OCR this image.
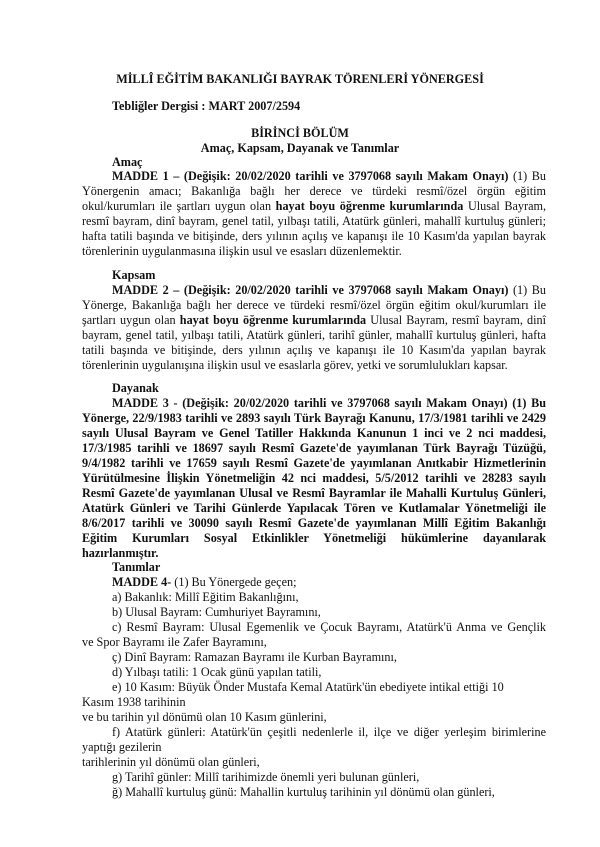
MİLLÎ EĞİTİM BAKANLIĞI BAYRAK TÖRENLERİ YÖNERGESİ
Tebliğler Dergisi : MART 2007/2594
BİRİNCİ BÖLÜM
Amaç, Kapsam, Dayanak ve Tanımlar
Amaç
MADDE 1 – (Değişik: 20/02/2020 tarihli ve 3797068 sayılı Makam Onayı) (1) Bu
Yönergenin amacı; Bakanlığa bağlı her derece ve türdeki resmî/özel örgün eğitim
okul/kurumları ile şartları uygun olan hayat boyu öğrenme kurumlarında Ulusal Bayram,
resmî bayram, dinî bayram, genel tatil, yılbaşı tatili, Atatürk günleri, mahallî kurtuluş günleri;
hafta tatili başında ve bitişinde, ders yılının açılış ve kapanışı ile 10 Kasım'da yapılan bayrak
törenlerinin uygulanmasına ilişkin usul ve esasları düzenlemektir.
Kapsam
MADDE 2 – (Değişik: 20/02/2020 tarihli ve 3797068 sayılı Makam Onayı) (1) Bu
Yönerge, Bakanlığa bağlı her derece ve türdeki resmî/özel örgün eğitim okul/kurumları ile
şartları uygun olan hayat boyu öğrenme kurumlarında Ulusal Bayram, resmî bayram, dinî
bayram, genel tatil, yılbaşı tatili, Atatürk günleri, tarihî günler, mahallî kurtuluş günleri, hafta
tatili başında ve bitişinde, ders yılının açılış ve kapanışı ile 10 Kasım'da yapılan bayrak
törenlerinin uygulanışına ilişkin usul ve esaslarla görev, yetki ve sorumlulukları kapsar.
Dayanak
MADDE 3 - (Değişik: 20/02/2020 tarihli ve 3797068 sayılı Makam Onayı) (1) Bu
Yönerge, 22/9/1983 tarihli ve 2893 sayılı Türk Bayrağı Kanunu, 17/3/1981 tarihli ve 2429
sayılı Ulusal Bayram ve Genel Tatiller Hakkında Kanunun 1 inci ve 2 nci maddesi,
17/3/1985 tarihli ve 18697 sayılı Resmî Gazete'de yayımlanan Türk Bayrağı Tüzüğü,
9/4/1982 tarihli ve 17659 sayılı Resmî Gazete'de yayımlanan Anıtkabir Hizmetlerinin
Yürütülmesine İlişkin Yönetmeliğin 42 nci maddesi, 5/5/2012 tarihli ve 28283 sayılı
Resmî Gazete'de yayımlanan Ulusal ve Resmî Bayramlar ile Mahalli Kurtuluş Günleri,
Atatürk Günleri ve Tarihi Günlerde Yapılacak Tören ve Kutlamalar Yönetmeliği ile
8/6/2017 tarihli ve 30090 sayılı Resmî Gazete'de yayımlanan Millî Eğitim Bakanlığı
Eğitim Kurumları Sosyal Etkinlikler Yönetmeliği hükümlerine dayanılarak
hazırlanmıştır.
Tanımlar
MADDE 4- (1) Bu Yönergede geçen;
a) Bakanlık: Millî Eğitim Bakanlığını,
b) Ulusal Bayram: Cumhuriyet Bayramını,
c) Resmî Bayram: Ulusal Egemenlik ve Çocuk Bayramı, Atatürk'ü Anma ve Gençlik
ve Spor Bayramı ile Zafer Bayramını,
ç) Dinî Bayram: Ramazan Bayramı ile Kurban Bayramını,
d) Yılbaşı tatili: 1 Ocak günü yapılan tatili,
e) 10 Kasım: Büyük Önder Mustafa Kemal Atatürk'ün ebediyete intikal ettiği 10
Kasım 1938 tarihinin
ve bu tarihin yıl dönümü olan 10 Kasım günlerini,
f) Atatürk günleri: Atatürk'ün çeşitli nedenlerle il, ilçe ve diğer yerleşim birimlerine
yaptığı gezilerin
tarihlerinin yıl dönümü olan günleri,
g) Tarihî günler: Millî tarihimizde önemli yeri bulunan günleri,
ğ) Mahallî kurtuluş günü: Mahallin kurtuluş tarihinin yıl dönümü olan günleri,
